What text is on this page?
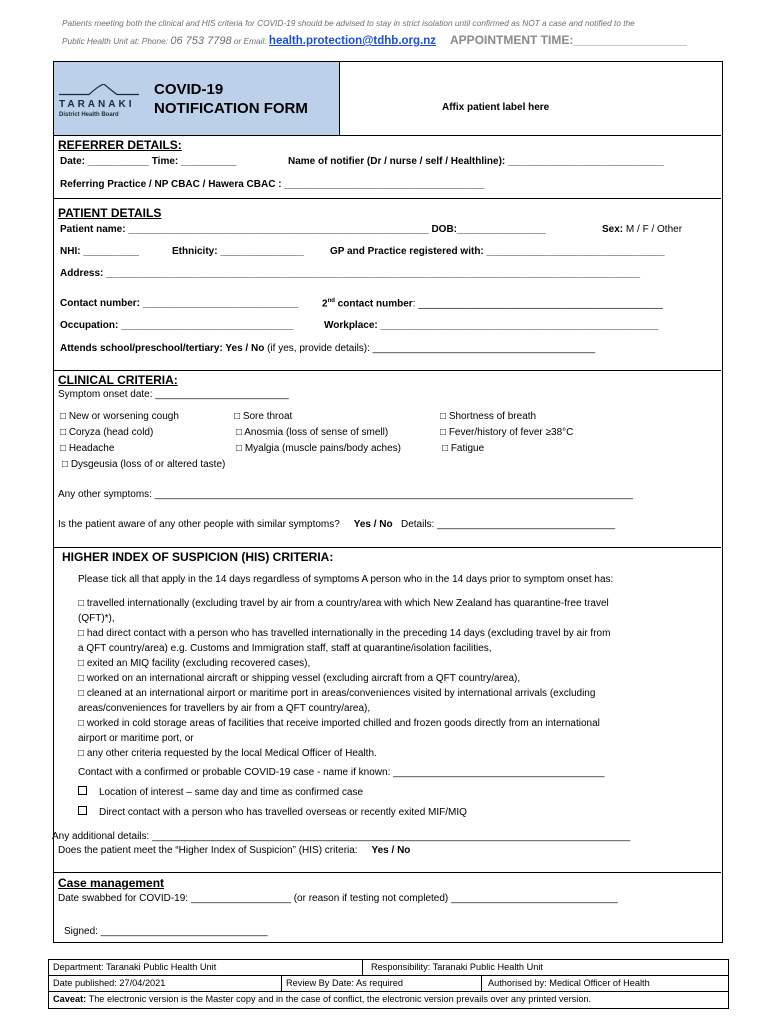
Patients meeting both the clinical and HIS criteria for COVID-19 should be advised to stay in strict isolation until confirmed as NOT a case and notified to the
Public Health Unit at: Phone: 06 753 7798 or Email: health.protection@tdhb.org.nz APPOINTMENT TIME:_________________
TARANAKI
District Health Board
COVID-19
NOTIFICATION FORM	Affix patient label here
REFERRER DETAILS:
Date: ___________ Time: __________	Name of notifier (Dr / nurse / self / Healthline): ____________________________
Referring Practice / NP CBAC / Hawera CBAC : ____________________________________
PATIENT DETAILS
Patient name: ______________________________________________________ DOB:________________	Sex: M / F / Other
NHI: __________	Ethnicity: _______________	GP and Practice registered with: ________________________________
Address: ________________________________________________________________________________________________
Contact number: ____________________________ 2nd contact number: ____________________________________________
Occupation: _______________________________	Workplace: __________________________________________________
Attends school/preschool/tertiary: Yes / No (if yes, provide details): ________________________________________
CLINICAL CRITERIA:
Symptom onset date: ________________________
□ New or worsening cough	□ Sore throat	□ Shortness of breath
□ Coryza (head cold)	□ Anosmia (loss of sense of smell)	□ Fever/history of fever ≥38°C
□ Headache	□ Myalgia (muscle pains/body aches)	□ Fatigue
□ Dysgeusia (loss of or altered taste)
Any other symptoms: ______________________________________________________________________________________
Is the patient aware of any other people with similar symptoms? Yes / No Details: ________________________________
HIGHER INDEX OF SUSPICION (HIS) CRITERIA:
Please tick all that apply in the 14 days regardless of symptoms A person who in the 14 days prior to symptom onset has:
□ travelled internationally (excluding travel by air from a country/area with which New Zealand has quarantine-free travel
(QFT)*),
□ had direct contact with a person who has travelled internationally in the preceding 14 days (excluding travel by air from
a QFT country/area) e.g. Customs and Immigration staff, staff at quarantine/isolation facilities,
□ exited an MIQ facility (excluding recovered cases),
□ worked on an international aircraft or shipping vessel (excluding aircraft from a QFT country/area),
□ cleaned at an international airport or maritime port in areas/conveniences visited by international arrivals (excluding
areas/conveniences for travellers by air from a QFT country/area),
□ worked in cold storage areas of facilities that receive imported chilled and frozen goods directly from an international
airport or maritime port, or
□ any other criteria requested by the local Medical Officer of Health.
Contact with a confirmed or probable COVID-19 case - name if known: ______________________________________
Location of interest – same day and time as confirmed case
Direct contact with a person who has travelled overseas or recently exited MIF/MIQ
Any additional details: ______________________________________________________________________________________
Does the patient meet the “Higher Index of Suspicion” (HIS) criteria: Yes / No
Case management
Date swabbed for COVID-19: __________________ (or reason if testing not completed) ______________________________
Signed: ______________________________
Department: Taranaki Public Health Unit	Responsibility: Taranaki Public Health Unit
Date published: 27/04/2021	Review By Date: As required	Authorised by: Medical Officer of Health
Caveat: The electronic version is the Master copy and in the case of conflict, the electronic version prevails over any printed version.
